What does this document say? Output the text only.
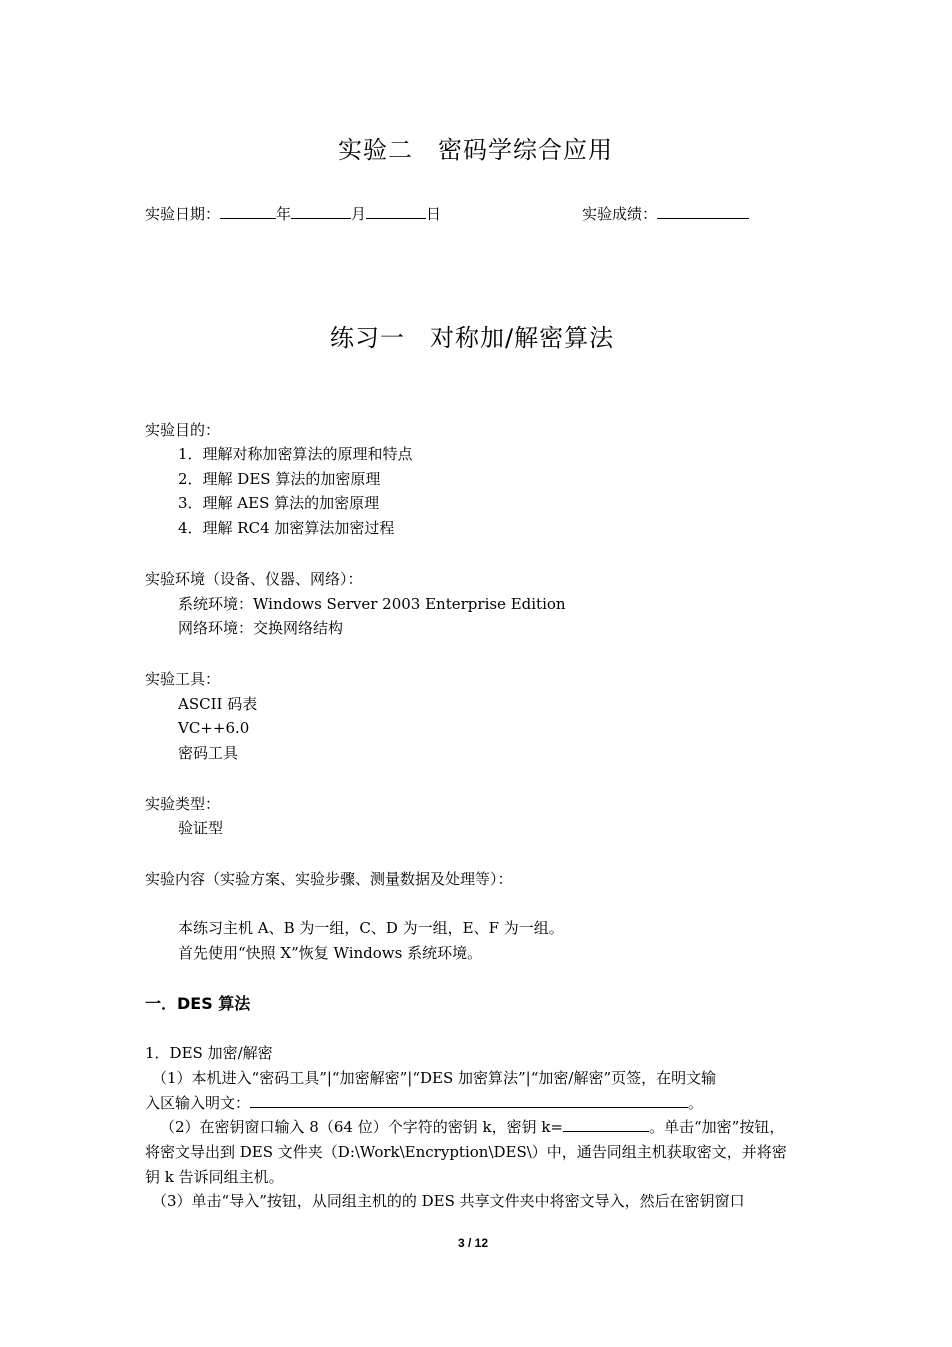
实验二　密码学综合应用
实验日期：	年	月	日	实验成绩：
练习一　对称加/解密算法
实验目的：
1．理解对称加密算法的原理和特点
2．理解 DES 算法的加密原理
3．理解 AES 算法的加密原理
4．理解 RC4 加密算法加密过程
实验环境（设备、仪器、网络）：
系统环境：Windows Server 2003 Enterprise Edition
网络环境：交换网络结构
实验工具：
ASCII 码表
VC++6.0
密码工具
实验类型：
验证型
实验内容（实验方案、实验步骤、测量数据及处理等）：
本练习主机 A、B 为一组，C、D 为一组，E、F 为一组。
首先使用“快照 X”恢复 Windows 系统环境。
一．DES 算法
1．DES 加密/解密
（1）本机进入“密码工具”|“加密解密”|“DES 加密算法”|“加密/解密”页签，在明文输
入区输入明文：	。
（2）在密钥窗口输入 8（64 位）个字符的密钥 k，密钥 k=	。单击“加密”按钮，
将密文导出到 DES 文件夹（D:\Work\Encryption\DES\）中，通告同组主机获取密文，并将密
钥 k 告诉同组主机。
（3）单击“导入”按钮，从同组主机的的 DES 共享文件夹中将密文导入，然后在密钥窗口
3 / 12
